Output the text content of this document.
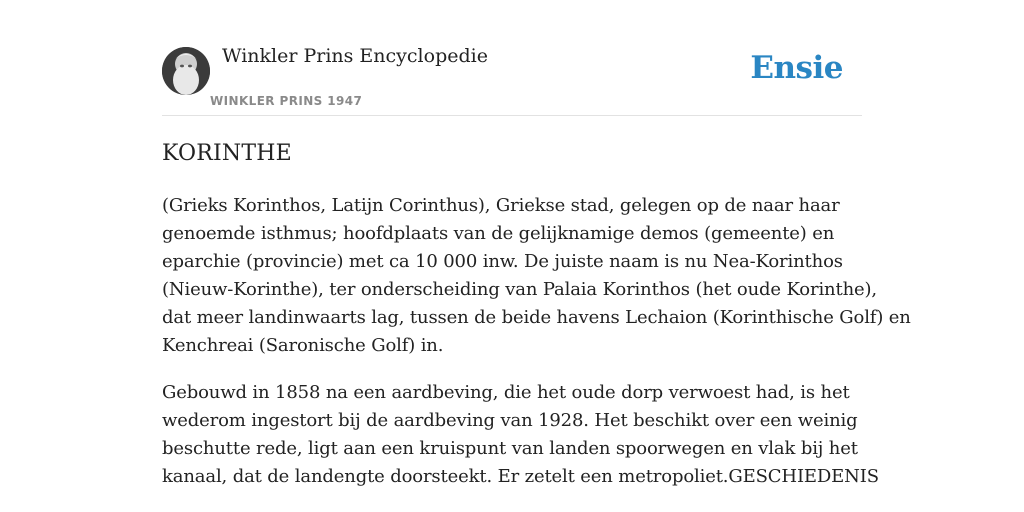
Winkler Prins Encyclopedie
WINKLER PRINS 1947
Ensie
KORINTHE

(Grieks Korinthos, Latijn Corinthus), Griekse stad, gelegen op de naar haar
genoemde isthmus; hoofdplaats van de gelijknamige demos (gemeente) en
eparchie (provincie) met ca 10 000 inw. De juiste naam is nu Nea-Korinthos
(Nieuw-Korinthe), ter onderscheiding van Palaia Korinthos (het oude Korinthe),
dat meer landinwaarts lag, tussen de beide havens Lechaion (Korinthische Golf) en
Kenchreai (Saronische Golf) in.

Gebouwd in 1858 na een aardbeving, die het oude dorp verwoest had, is het
wederom ingestort bij de aardbeving van 1928. Het beschikt over een weinig
beschutte rede, ligt aan een kruispunt van landen spoorwegen en vlak bij het
kanaal, dat de landengte doorsteekt. Er zetelt een metropoliet.GESCHIEDENIS
